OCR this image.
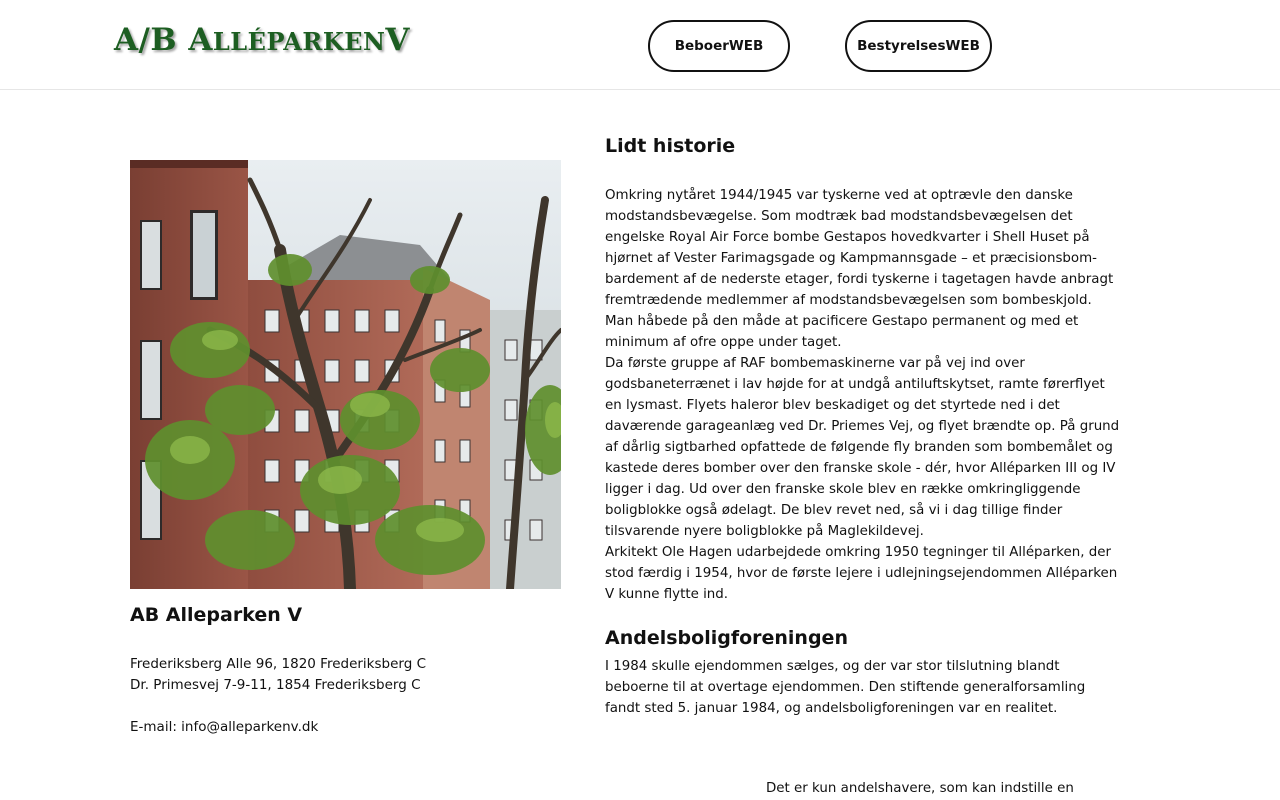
A/B A LLÉPARKEN V	BeboerWEB	BestyrelsesWEB
AB Alleparken V
Frederiksberg Alle 96, 1820 Frederiksberg C
Dr. Primesvej 7-9-11, 1854 Frederiksberg C
E-mail: info@alleparkenv.dk
Lidt historie

Omkring nytåret 1944/1945 var tyskerne ved at optrævle den danske modstandsbevægelse. Som modtræk bad modstandsbevægelsen det engelske Royal Air Force bombe Gestapos hovedkvarter i Shell Huset på hjørnet af Vester Farimagsgade og Kampmannsgade – et præcisionsbom-bardement af de nederste etager, fordi tyskerne i tagetagen havde anbragt fremtrædende medlemmer af modstandsbevægelsen som bombeskjold. Man håbede på den måde at pacificere Gestapo permanent og med et minimum af ofre oppe under taget.

Da første gruppe af RAF bombemaskinerne var på vej ind over godsbaneterrænet i lav højde for at undgå antiluftskytset, ramte førerflyet en lysmast. Flyets haleror blev beskadiget og det styrtede ned i det daværende garageanlæg ved Dr. Priemes Vej, og flyet brændte op. På grund af dårlig sigtbarhed opfattede de følgende fly branden som bombemålet og kastede deres bomber over den franske skole - dér, hvor Alléparken III og IV ligger i dag. Ud over den franske skole blev en række omkringliggende boligblokke også ødelagt. De blev revet ned, så vi i dag tillige finder tilsvarende nyere boligblokke på Maglekildevej.

Arkitekt Ole Hagen udarbejdede omkring 1950 tegninger til Alléparken, der stod færdig i 1954, hvor de første lejere i udlejningsejendommen Alléparken V kunne flytte ind.

Andelsboligforeningen

I 1984 skulle ejendommen sælges, og der var stor tilslutning blandt beboerne til at overtage ejendommen. Den stiftende generalforsamling fandt sted 5. januar 1984, og andelsboligforeningen var en realitet.

Det er kun andelshavere, som kan indstille en
